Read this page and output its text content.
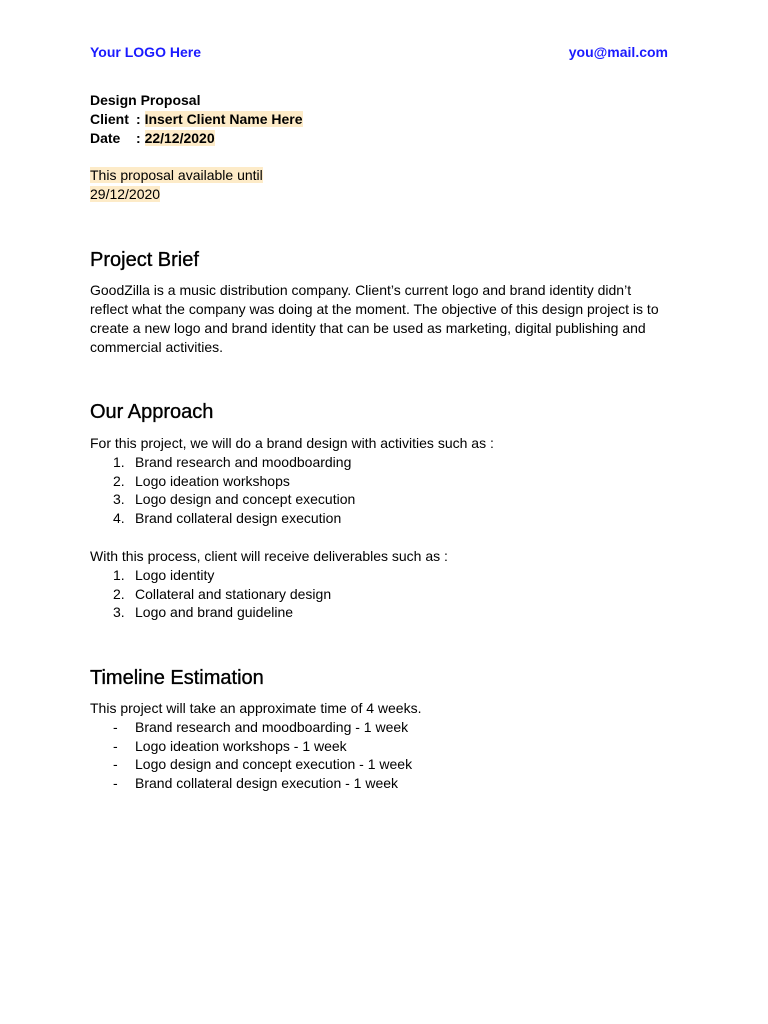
Your LOGO Here	you@mail.com
Design Proposal
Client : Insert Client Name Here
Date : 22/12/2020
This proposal available until
29/12/2020
Project Brief

GoodZilla is a music distribution company. Client’s current logo and brand identity didn’t reflect what the company was doing at the moment. The objective of this design project is to create a new logo and brand identity that can be used as marketing, digital publishing and commercial activities.

Our Approach

For this project, we will do a brand design with activities such as :

1. Brand research and moodboarding
2. Logo ideation workshops
3. Logo design and concept execution
4. Brand collateral design execution

With this process, client will receive deliverables such as :

1. Logo identity
2. Collateral and stationary design
3. Logo and brand guideline
Timeline Estimation

This project will take an approximate time of 4 weeks.

- Brand research and moodboarding - 1 week
- Logo ideation workshops - 1 week
- Logo design and concept execution - 1 week
- Brand collateral design execution - 1 week
